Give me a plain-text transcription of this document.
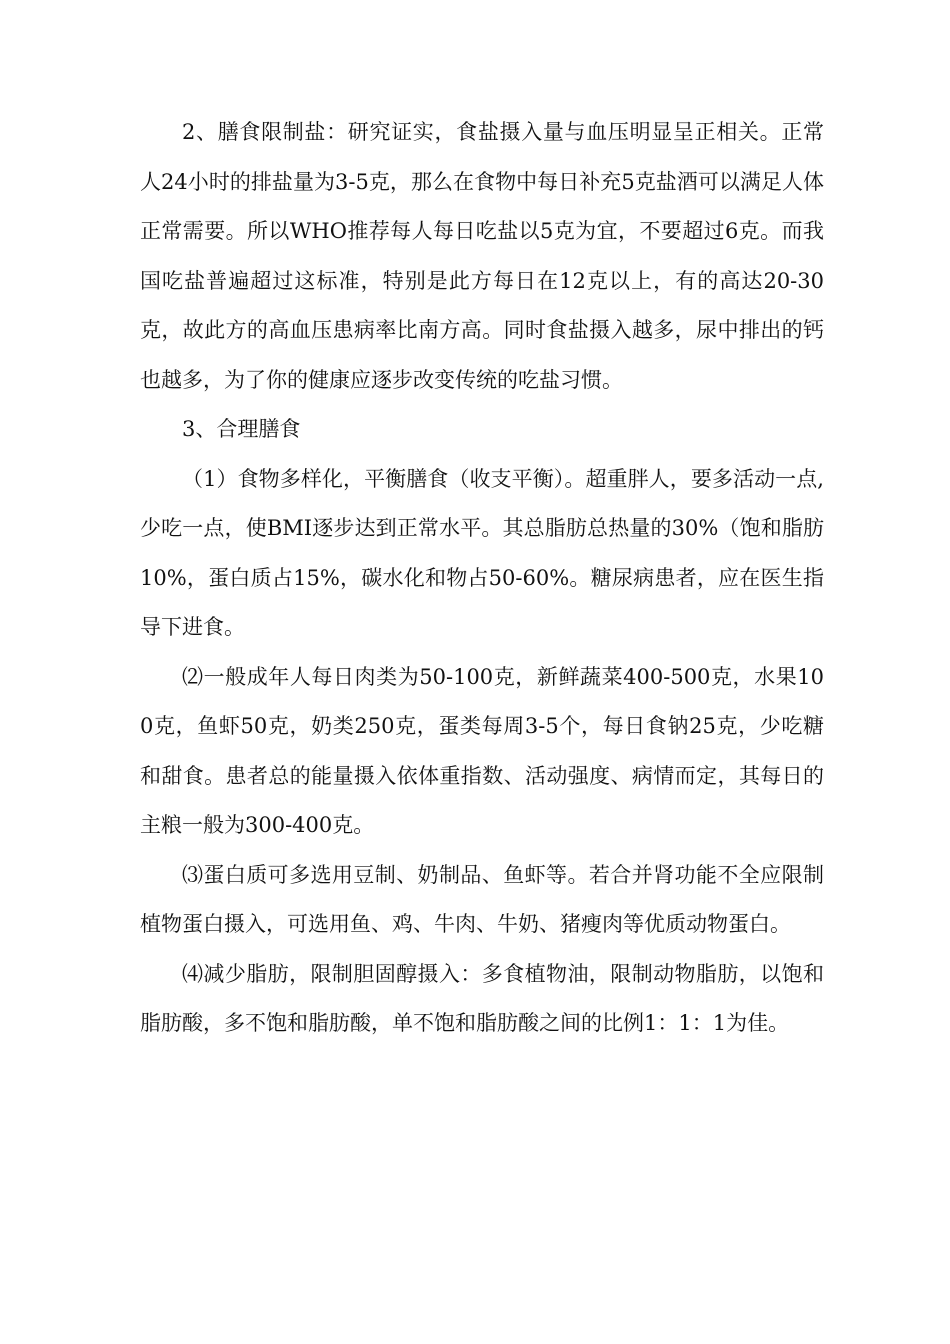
2、膳食限制盐：研究证实，食盐摄入量与血压明显呈正相关。正常人24小时的排盐量为3-5克，那么在食物中每日补充5克盐酒可以满足人体正常需要。所以WHO推荐每人每日吃盐以5克为宜，不要超过6克。而我国吃盐普遍超过这标准，特别是此方每日在12克以上，有的高达20-30克，故此方的高血压患病率比南方高。同时食盐摄入越多，尿中排出的钙也越多，为了你的健康应逐步改变传统的吃盐习惯。

3、合理膳食

（1）食物多样化，平衡膳食（收支平衡）。超重胖人，要多活动一点,少吃一点，使BMI逐步达到正常水平。其总脂肪总热量的30%（饱和脂肪10%，蛋白质占15%，碳水化和物占50-60%。糖尿病患者，应在医生指导下进食。

⑵一般成年人每日肉类为50-100克，新鲜蔬菜400-500克，水果100克，鱼虾50克，奶类250克，蛋类每周3-5个，每日食钠25克，少吃糖和甜食。患者总的能量摄入依体重指数、活动强度、病情而定，其每日的主粮一般为300-400克。

⑶蛋白质可多选用豆制、奶制品、鱼虾等。若合并肾功能不全应限制植物蛋白摄入，可选用鱼、鸡、牛肉、牛奶、猪瘦肉等优质动物蛋白。

⑷减少脂肪，限制胆固醇摄入：多食植物油，限制动物脂肪，以饱和脂肪酸，多不饱和脂肪酸，单不饱和脂肪酸之间的比例1：1：1为佳。
